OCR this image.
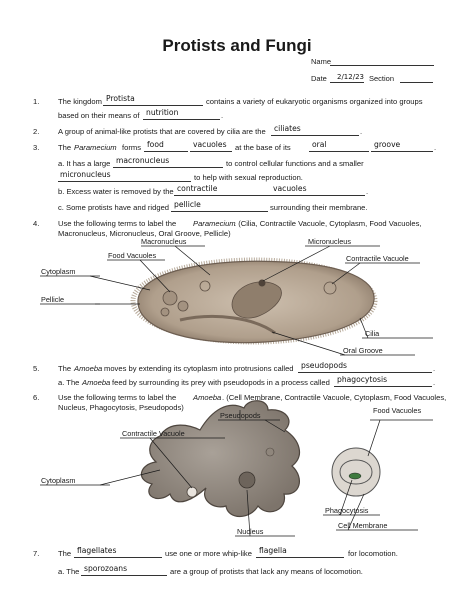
Protists and Fungi
Name
Date 2/12/23 Section
1. The kingdom Protista	contains a variety of eukaryotic organisms organized into groups
based on their means of nutrition	.
2. A group of animal-like protists that are covered by cilia are the ciliates	.
3. The Paramecium forms food	vacuoles at the base of its	oral	groove	.
a. It has a large macronucleus	to control cellular functions and a smaller
micronucleus	to help with sexual reproduction.
b. Excess water is removed by the contractile	vacuoles	.
c. Some protists have and ridged pellicle	surrounding their membrane.
4. Use the following terms to label the Paramecium
. (Cilia, Contractile Vacuole, Cytoplasm, Food Vacuoles,
Macronucleus, Micronucleus, Oral Groove, Pellicle)
Macronucleus	Micronucleus
Food Vacuoles	Contractile Vacuole
Cytoplasm
Pellicle
Cilia
Oral Groove
5. The Amoeba moves by extending its cytoplasm into protrusions called pseudopods	.
a. The Amoeba feed by surrounding its prey with pseudopods in a process called phagocytosis	.
6. Use the following terms to label the Amoeba . (Cell Membrane, Contractile Vacuole, Cytoplasm, Food Vacuoles,
Nucleus, Phagocytosis, Pseudopods)
Pseudopods
Food Vacuoles
Contractile Vacuole
Cytoplasm
Phagocytosis
Cell Membrane
Nucleus
7. The flagellates	use one or more whip-like flagella	for locomotion.
a. The sporozoans	are a group of protists that lack any means of locomotion.
